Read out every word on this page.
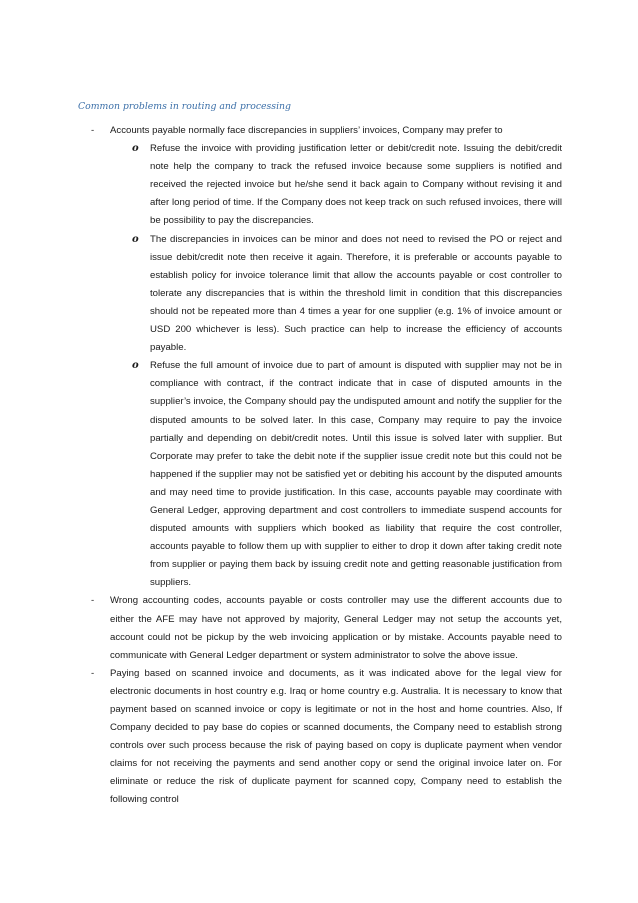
Common problems in routing and processing
- Accounts payable normally face discrepancies in suppliers’ invoices, Company may prefer to
o Refuse the invoice with providing justification letter or debit/credit note. Issuing the debit/credit note help the company to track the refused invoice because some suppliers is notified and received the rejected invoice but he/she send it back again to Company without revising it and after long period of time. If the Company does not keep track on such refused invoices, there will be possibility to pay the discrepancies.
o The discrepancies in invoices can be minor and does not need to revised the PO or reject and issue debit/credit note then receive it again. Therefore, it is preferable or accounts payable to establish policy for invoice tolerance limit that allow the accounts payable or cost controller to tolerate any discrepancies that is within the threshold limit in condition that this discrepancies should not be repeated more than 4 times a year for one supplier (e.g. 1% of invoice amount or USD 200 whichever is less). Such practice can help to increase the efficiency of accounts payable.
o Refuse the full amount of invoice due to part of amount is disputed with supplier may not be in compliance with contract, if the contract indicate that in case of disputed amounts in the supplier’s invoice, the Company should pay the undisputed amount and notify the supplier for the disputed amounts to be solved later. In this case, Company may require to pay the invoice partially and depending on debit/credit notes. Until this issue is solved later with supplier. But Corporate may prefer to take the debit note if the supplier issue credit note but this could not be happened if the supplier may not be satisfied yet or debiting his account by the disputed amounts and may need time to provide justification. In this case, accounts payable may coordinate with General Ledger, approving department and cost controllers to immediate suspend accounts for disputed amounts with suppliers which booked as liability that require the cost controller, accounts payable to follow them up with supplier to either to drop it down after taking credit note from supplier or paying them back by issuing credit note and getting reasonable justification from suppliers.
- Wrong accounting codes, accounts payable or costs controller may use the different accounts due to either the AFE may have not approved by majority, General Ledger may not setup the accounts yet, account could not be pickup by the web invoicing application or by mistake. Accounts payable need to communicate with General Ledger department or system administrator to solve the above issue.
- Paying based on scanned invoice and documents, as it was indicated above for the legal view for electronic documents in host country e.g. Iraq or home country e.g. Australia. It is necessary to know that payment based on scanned invoice or copy is legitimate or not in the host and home countries. Also, If Company decided to pay base do copies or scanned documents, the Company need to establish strong controls over such process because the risk of paying based on copy is duplicate payment when vendor claims for not receiving the payments and send another copy or send the original invoice later on. For eliminate or reduce the risk of duplicate payment for scanned copy, Company need to establish the following control
